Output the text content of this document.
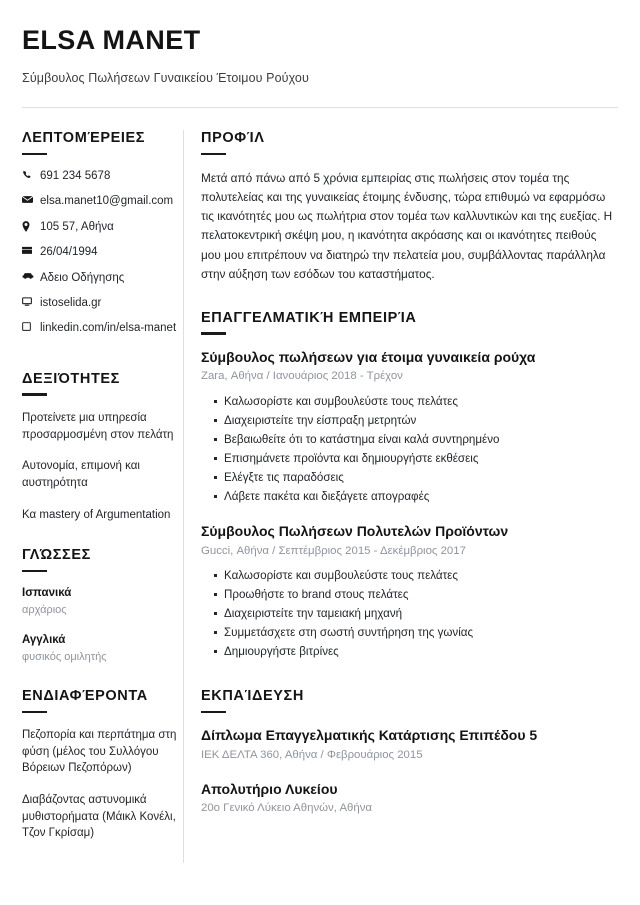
ELSA MANET

Σύμβουλος Πωλήσεων Γυναικείου Έτοιμου Ρούχου

ΛΕΠΤΟΜΈΡΕΙΕΣ
691 234 5678
elsa.manet10@gmail.com
105 57, Αθήνα
26/04/1994
Αδειο Οδήγησης
istoselida.gr
linkedin.com/in/elsa-manet
ΔΕΞΙΌΤΗΤΕΣ

Προτείνετε μια υπηρεσία προσαρμοσμένη στον πελάτη

Αυτονομία, επιμονή και αυστηρότητα

Κα mastery of Argumentation

ΓΛΏΣΣΕΣ

Ισπανικά

αρχάριος

Αγγλικά

φυσικός ομιλητής

ΕΝΔΙΑΦΈΡΟΝΤΑ

Πεζοπορία και περπάτημα στη φύση (μέλος του Συλλόγου Βόρειων Πεζοπόρων)

Διαβάζοντας αστυνομικά μυθιστορήματα (Μάικλ Κονέλι, Τζον Γκρίσαμ)

ΠΡΟΦΊΛ

Μετά από πάνω από 5 χρόνια εμπειρίας στις πωλήσεις στον τομέα της πολυτελείας και της γυναικείας έτοιμης ένδυσης, τώρα επιθυμώ να εφαρμόσω τις ικανότητές μου ως πωλήτρια στον τομέα των καλλυντικών και της ευεξίας. Η πελατοκεντρική σκέψη μου, η ικανότητα ακρόασης και οι ικανότητες πειθούς μου μου επιτρέπουν να διατηρώ την πελατεία μου, συμβάλλοντας παράλληλα στην αύξηση των εσόδων του καταστήματος.

ΕΠΑΓΓΕΛΜΑΤΙΚΉ ΕΜΠΕΙΡΊΑ

Σύμβουλος πωλήσεων για έτοιμα γυναικεία ρούχα

Zara, Αθήνα / Ιανουάριος 2018 - Τρέχον

Καλωσορίστε και συμβουλεύστε τους πελάτες
Διαχειριστείτε την είσπραξη μετρητών
Βεβαιωθείτε ότι το κατάστημα είναι καλά συντηρημένο
Επισημάνετε προϊόντα και δημιουργήστε εκθέσεις
Ελέγξτε τις παραδόσεις
Λάβετε πακέτα και διεξάγετε απογραφές

Σύμβουλος Πωλήσεων Πολυτελών Προϊόντων

Gucci, Αθήνα / Σεπτέμβριος 2015 - Δεκέμβριος 2017

Καλωσορίστε και συμβουλεύστε τους πελάτες
Προωθήστε το brand στους πελάτες
Διαχειριστείτε την ταμειακή μηχανή
Συμμετάσχετε στη σωστή συντήρηση της γωνίας
Δημιουργήστε βιτρίνες
ΕΚΠΑΊΔΕΥΣΗ

Δίπλωμα Επαγγελματικής Κατάρτισης Επιπέδου 5

ΙΕΚ ΔΕΛΤΑ 360, Αθήνα / Φεβρουάριος 2015

Απολυτήριο Λυκείου

20ο Γενικό Λύκειο Αθηνών, Αθήνα
